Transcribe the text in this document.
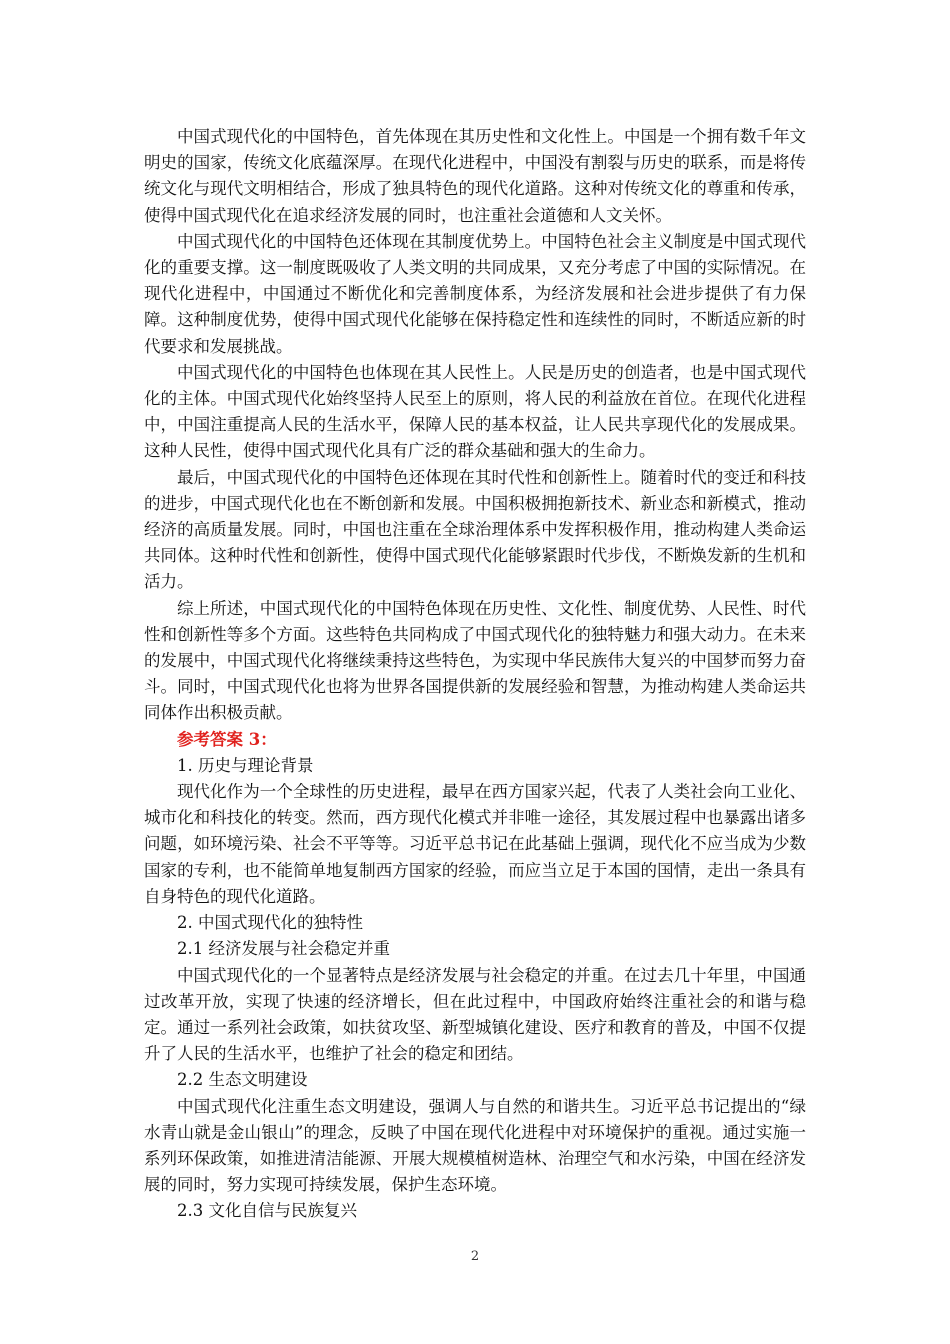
中国式现代化的中国特色，首先体现在其历史性和文化性上。中国是一个拥有数千年文明史的国家，传统文化底蕴深厚。在现代化进程中，中国没有割裂与历史的联系，而是将传统文化与现代文明相结合，形成了独具特色的现代化道路。这种对传统文化的尊重和传承，使得中国式现代化在追求经济发展的同时，也注重社会道德和人文关怀。

中国式现代化的中国特色还体现在其制度优势上。中国特色社会主义制度是中国式现代化的重要支撑。这一制度既吸收了人类文明的共同成果，又充分考虑了中国的实际情况。在现代化进程中，中国通过不断优化和完善制度体系，为经济发展和社会进步提供了有力保障。这种制度优势，使得中国式现代化能够在保持稳定性和连续性的同时，不断适应新的时代要求和发展挑战。

中国式现代化的中国特色也体现在其人民性上。人民是历史的创造者，也是中国式现代化的主体。中国式现代化始终坚持人民至上的原则，将人民的利益放在首位。在现代化进程中，中国注重提高人民的生活水平，保障人民的基本权益，让人民共享现代化的发展成果。这种人民性，使得中国式现代化具有广泛的群众基础和强大的生命力。

最后，中国式现代化的中国特色还体现在其时代性和创新性上。随着时代的变迁和科技的进步，中国式现代化也在不断创新和发展。中国积极拥抱新技术、新业态和新模式，推动经济的高质量发展。同时，中国也注重在全球治理体系中发挥积极作用，推动构建人类命运共同体。这种时代性和创新性，使得中国式现代化能够紧跟时代步伐，不断焕发新的生机和活力。

综上所述，中国式现代化的中国特色体现在历史性、文化性、制度优势、人民性、时代性和创新性等多个方面。这些特色共同构成了中国式现代化的独特魅力和强大动力。在未来的发展中，中国式现代化将继续秉持这些特色，为实现中华民族伟大复兴的中国梦而努力奋斗。同时，中国式现代化也将为世界各国提供新的发展经验和智慧，为推动构建人类命运共同体作出积极贡献。

参考答案 3：

1. 历史与理论背景

现代化作为一个全球性的历史进程，最早在西方国家兴起，代表了人类社会向工业化、城市化和科技化的转变。然而，西方现代化模式并非唯一途径，其发展过程中也暴露出诸多问题，如环境污染、社会不平等等。习近平总书记在此基础上强调，现代化不应当成为少数国家的专利，也不能简单地复制西方国家的经验，而应当立足于本国的国情，走出一条具有自身特色的现代化道路。

2. 中国式现代化的独特性

2.1 经济发展与社会稳定并重

中国式现代化的一个显著特点是经济发展与社会稳定的并重。在过去几十年里，中国通过改革开放，实现了快速的经济增长，但在此过程中，中国政府始终注重社会的和谐与稳定。通过一系列社会政策，如扶贫攻坚、新型城镇化建设、医疗和教育的普及，中国不仅提升了人民的生活水平，也维护了社会的稳定和团结。

2.2 生态文明建设

中国式现代化注重生态文明建设，强调人与自然的和谐共生。习近平总书记提出的“绿水青山就是金山银山”的理念，反映了中国在现代化进程中对环境保护的重视。通过实施一系列环保政策，如推进清洁能源、开展大规模植树造林、治理空气和水污染，中国在经济发展的同时，努力实现可持续发展，保护生态环境。

2.3 文化自信与民族复兴

2
